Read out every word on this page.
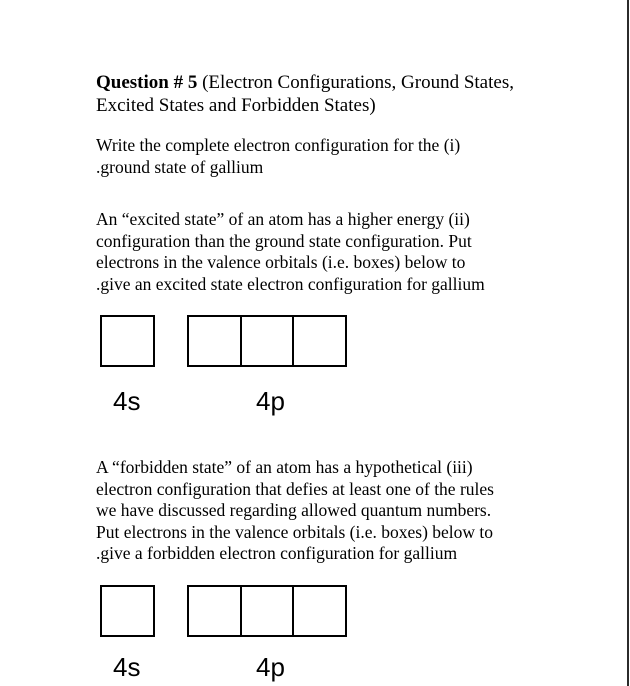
Question # 5 (Electron Configurations, Ground States, Excited States and Forbidden States)

Write the complete electron configuration for the (i)
.ground state of gallium

An “excited state” of an atom has a higher energy (ii)
configuration than the ground state configuration. Put
electrons in the valence orbitals (i.e. boxes) below to
.give an excited state electron configuration for gallium

4s	4p

A “forbidden state” of an atom has a hypothetical (iii)
electron configuration that defies at least one of the rules
we have discussed regarding allowed quantum numbers.
Put electrons in the valence orbitals (i.e. boxes) below to
.give a forbidden electron configuration for gallium

4s	4p
